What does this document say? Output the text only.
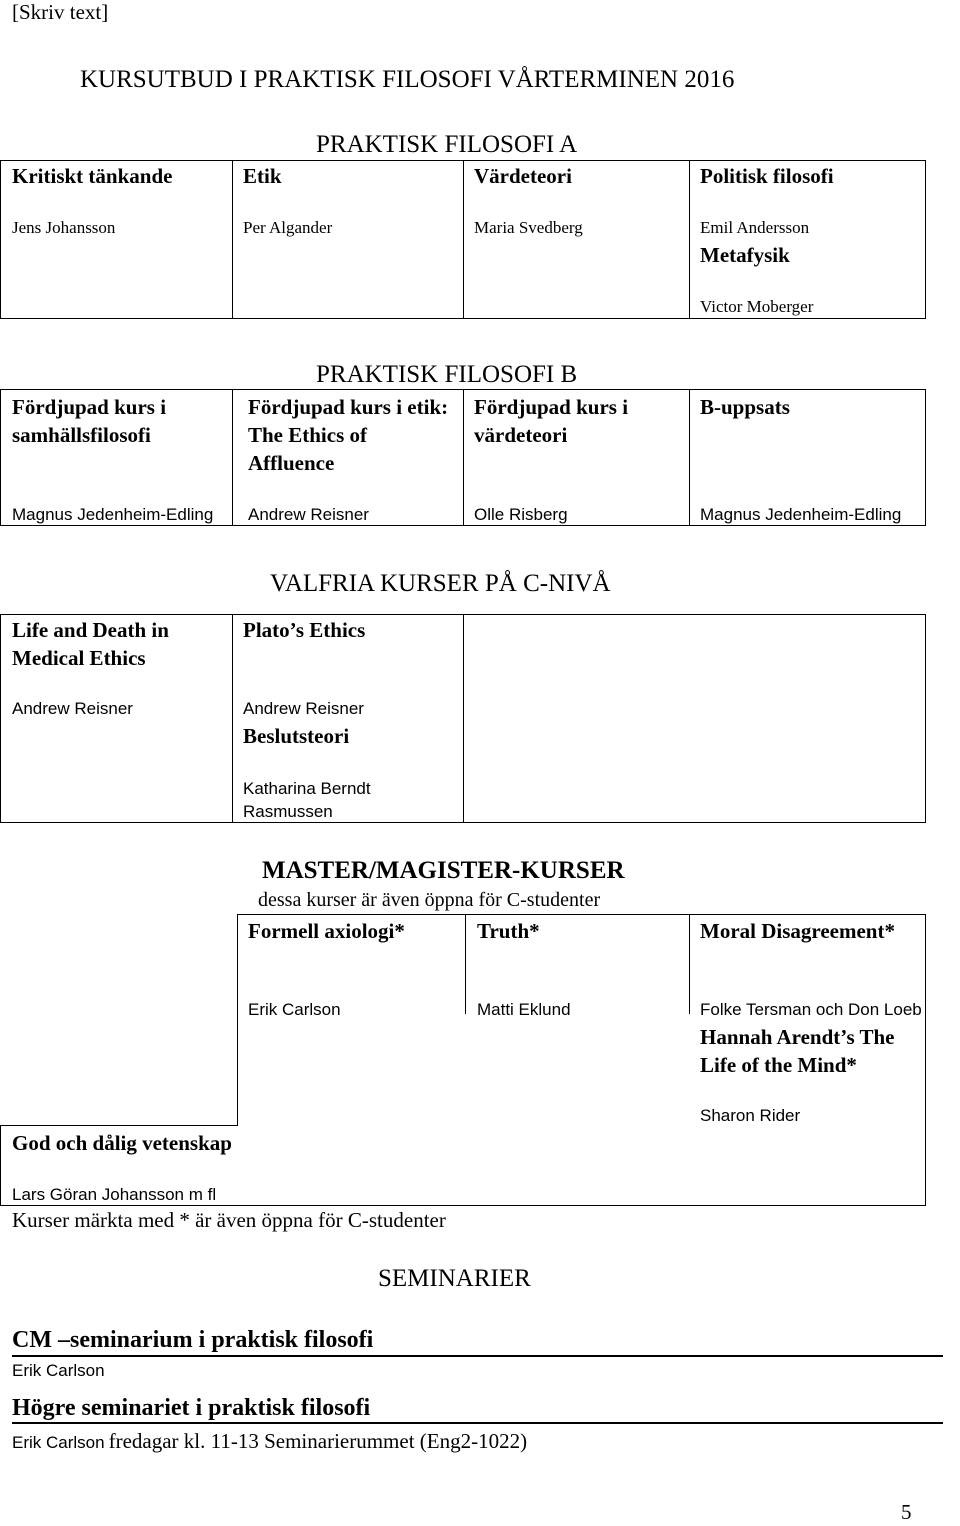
[Skriv text]
KURSUTBUD I PRAKTISK FILOSOFI VÅRTERMINEN 2016
PRAKTISK FILOSOFI A
Kritiskt tänkande
Jens Johansson
Etik
Per Algander
Värdeteori
Maria Svedberg
Politisk filosofi
Emil Andersson
Metafysik
Victor Moberger
PRAKTISK FILOSOFI B
Fördjupad kurs i samhällsfilosofi
Magnus Jedenheim-Edling
Fördjupad kurs i etik: The Ethics of Affluence
Andrew Reisner
Fördjupad kurs i värdeteori
Olle Risberg
B-uppsats
Magnus Jedenheim-Edling
VALFRIA KURSER PÅ C-NIVÅ
Life and Death in Medical Ethics
Andrew Reisner
Plato’s Ethics
Andrew Reisner
Beslutsteori
Katharina Berndt Rasmussen
MASTER/MAGISTER-KURSER
dessa kurser är även öppna för C-studenter
Formell axiologi*
Erik Carlson
Truth*
Matti Eklund
Moral Disagreement*
Folke Tersman och Don Loeb
Hannah Arendt’s The Life of the Mind*
Sharon Rider
God och dålig vetenskap
Lars Göran Johansson m fl
Kurser märkta med * är även öppna för C-studenter
SEMINARIER
CM –seminarium i praktisk filosofi
Erik Carlson
Högre seminariet i praktisk filosofi
Erik Carlson fredagar kl. 11-13 Seminarierummet (Eng2-1022)
5
